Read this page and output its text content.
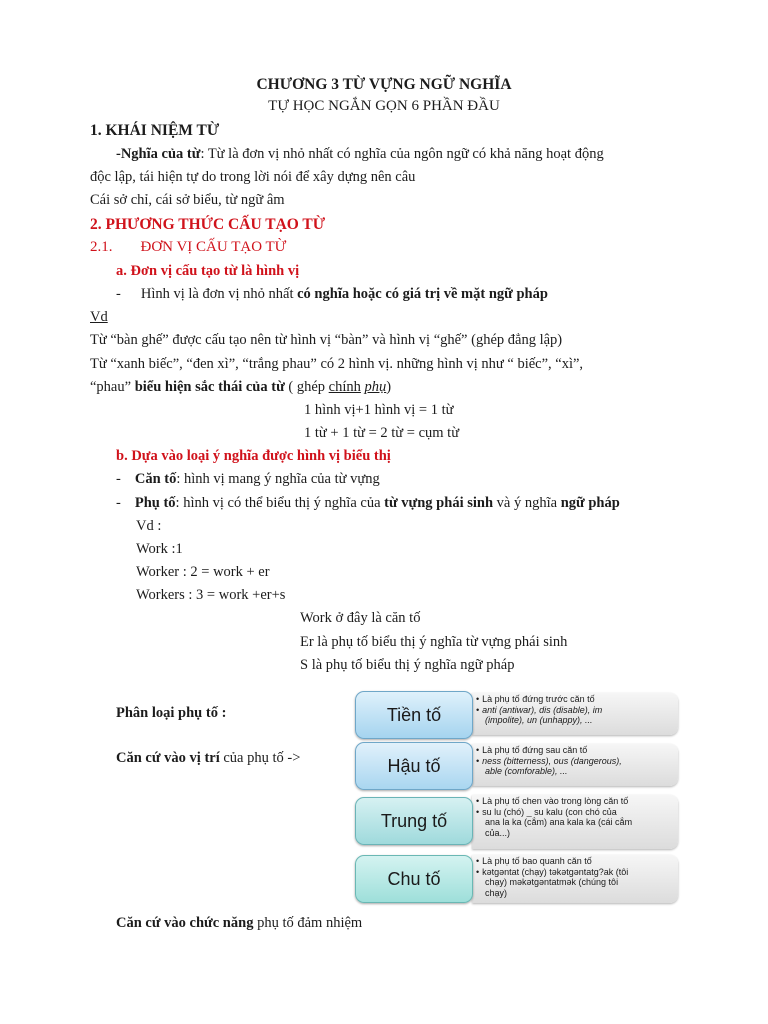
CHƯƠNG 3 TỪ VỰNG NGỮ NGHĨA
TỰ HỌC NGẮN GỌN 6 PHẦN ĐẦU
1. KHÁI NIỆM TỪ
-Nghĩa của từ: Từ là đơn vị nhỏ nhất có nghĩa của ngôn ngữ có khả năng hoạt động
độc lập, tái hiện tự do trong lời nói để xây dựng nên câu
Cái sở chỉ, cái sở biểu, từ ngữ âm
2. PHƯƠNG THỨC CẤU TẠO TỪ
2.1. ĐƠN VỊ CẤU TẠO TỪ
a. Đơn vị cấu tạo từ là hình vị
- Hình vị là đơn vị nhỏ nhất có nghĩa hoặc có giá trị về mặt ngữ pháp
Vd
Từ “bàn ghế” được cấu tạo nên từ hình vị “bàn” và hình vị “ghế” (ghép đẳng lập)
Từ “xanh biếc”, “đen xì”, “trắng phau” có 2 hình vị. những hình vị như “ biếc”, “xì”,
“phau” biểu hiện sắc thái của từ ( ghép chính phụ)
1 hình vị+1 hình vị = 1 từ
1 từ + 1 từ = 2 từ = cụm từ
b. Dựa vào loại ý nghĩa được hình vị biểu thị
- Căn tố: hình vị mang ý nghĩa của từ vựng
- Phụ tố: hình vị có thể biểu thị ý nghĩa của từ vựng phái sinh và ý nghĩa ngữ pháp
Vd :
Work :1
Worker : 2 = work + er
Workers : 3 = work +er+s
Work ở đây là căn tố
Er là phụ tố biểu thị ý nghĩa từ vựng phái sinh
S là phụ tố biểu thị ý nghĩa ngữ pháp
Phân loại phụ tố :
Căn cứ vào vị trí của phụ tố ->
Căn cứ vào chức năng phụ tố đảm nhiệm
• Là phụ tố đứng trước căn tố
• anti (antiwar), dis (disable), im
(impolite), un (unhappy), ...
Tiền tố
• Là phụ tố đứng sau căn tố
• ness (bitterness), ous (dangerous),
able (comforable), ...
Hậu tố
• Là phụ tố chen vào trong lòng căn tố
• su lu (chó) _ su kalu (con chó của
ana la ka (cắm) ana kala ka (cái cắm
của...)
Trung tố
• Là phụ tố bao quanh căn tố
• kətgəntat (chạy) təkətgəntatg?ak (tôi
chạy) məkətgəntatmək (chúng tôi
chạy)
Chu tố
